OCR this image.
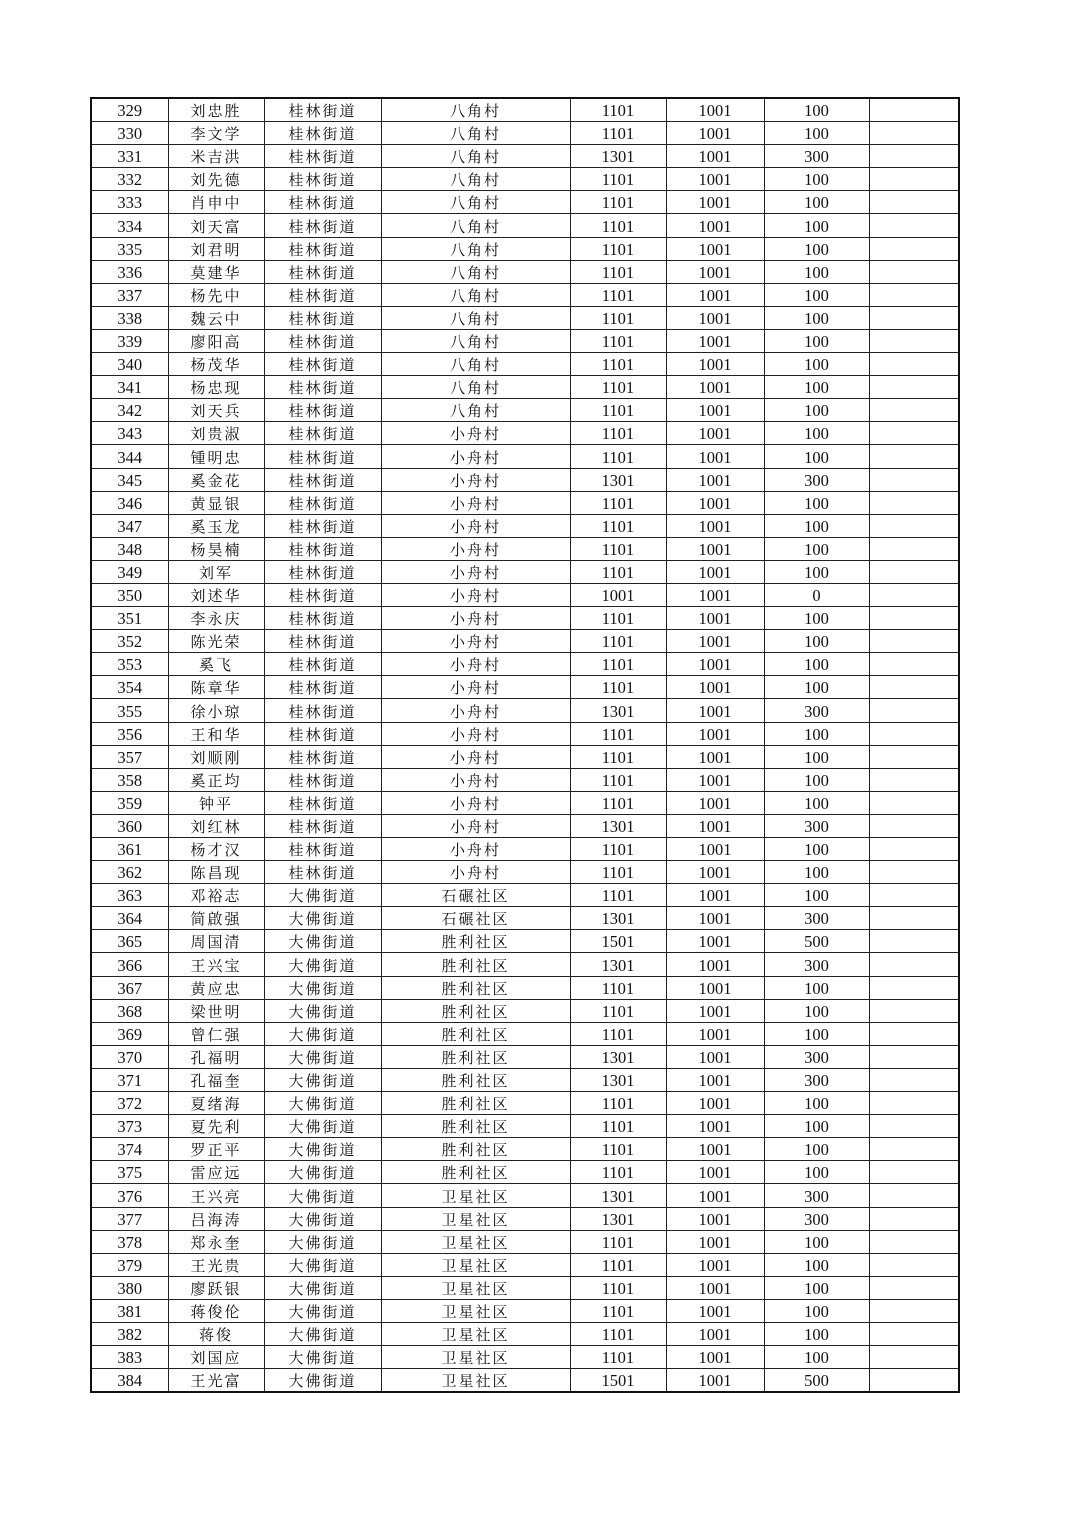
329	刘忠胜	桂林街道	八角村	1101	1001	100	
330	李文学	桂林街道	八角村	1101	1001	100	
331	米吉洪	桂林街道	八角村	1301	1001	300	
332	刘先德	桂林街道	八角村	1101	1001	100	
333	肖申中	桂林街道	八角村	1101	1001	100	
334	刘天富	桂林街道	八角村	1101	1001	100	
335	刘君明	桂林街道	八角村	1101	1001	100	
336	莫建华	桂林街道	八角村	1101	1001	100	
337	杨先中	桂林街道	八角村	1101	1001	100	
338	魏云中	桂林街道	八角村	1101	1001	100	
339	廖阳高	桂林街道	八角村	1101	1001	100	
340	杨茂华	桂林街道	八角村	1101	1001	100	
341	杨忠现	桂林街道	八角村	1101	1001	100	
342	刘天兵	桂林街道	八角村	1101	1001	100	
343	刘贵淑	桂林街道	小舟村	1101	1001	100	
344	锺明忠	桂林街道	小舟村	1101	1001	100	
345	奚金花	桂林街道	小舟村	1301	1001	300	
346	黄显银	桂林街道	小舟村	1101	1001	100	
347	奚玉龙	桂林街道	小舟村	1101	1001	100	
348	杨昊楠	桂林街道	小舟村	1101	1001	100	
349	刘军	桂林街道	小舟村	1101	1001	100	
350	刘述华	桂林街道	小舟村	1001	1001	0	
351	李永庆	桂林街道	小舟村	1101	1001	100	
352	陈光荣	桂林街道	小舟村	1101	1001	100	
353	奚飞	桂林街道	小舟村	1101	1001	100	
354	陈章华	桂林街道	小舟村	1101	1001	100	
355	徐小琼	桂林街道	小舟村	1301	1001	300	
356	王和华	桂林街道	小舟村	1101	1001	100	
357	刘顺刚	桂林街道	小舟村	1101	1001	100	
358	奚正均	桂林街道	小舟村	1101	1001	100	
359	钟平	桂林街道	小舟村	1101	1001	100	
360	刘红林	桂林街道	小舟村	1301	1001	300	
361	杨才汉	桂林街道	小舟村	1101	1001	100	
362	陈昌现	桂林街道	小舟村	1101	1001	100	
363	邓裕志	大佛街道	石碾社区	1101	1001	100	
364	简啟强	大佛街道	石碾社区	1301	1001	300	
365	周国清	大佛街道	胜利社区	1501	1001	500	
366	王兴宝	大佛街道	胜利社区	1301	1001	300	
367	黄应忠	大佛街道	胜利社区	1101	1001	100	
368	梁世明	大佛街道	胜利社区	1101	1001	100	
369	曾仁强	大佛街道	胜利社区	1101	1001	100	
370	孔福明	大佛街道	胜利社区	1301	1001	300	
371	孔福奎	大佛街道	胜利社区	1301	1001	300	
372	夏绪海	大佛街道	胜利社区	1101	1001	100	
373	夏先利	大佛街道	胜利社区	1101	1001	100	
374	罗正平	大佛街道	胜利社区	1101	1001	100	
375	雷应远	大佛街道	胜利社区	1101	1001	100	
376	王兴亮	大佛街道	卫星社区	1301	1001	300	
377	吕海涛	大佛街道	卫星社区	1301	1001	300	
378	郑永奎	大佛街道	卫星社区	1101	1001	100	
379	王光贵	大佛街道	卫星社区	1101	1001	100	
380	廖跃银	大佛街道	卫星社区	1101	1001	100	
381	蒋俊伦	大佛街道	卫星社区	1101	1001	100	
382	蒋俊	大佛街道	卫星社区	1101	1001	100	
383	刘国应	大佛街道	卫星社区	1101	1001	100	
384	王光富	大佛街道	卫星社区	1501	1001	500	
